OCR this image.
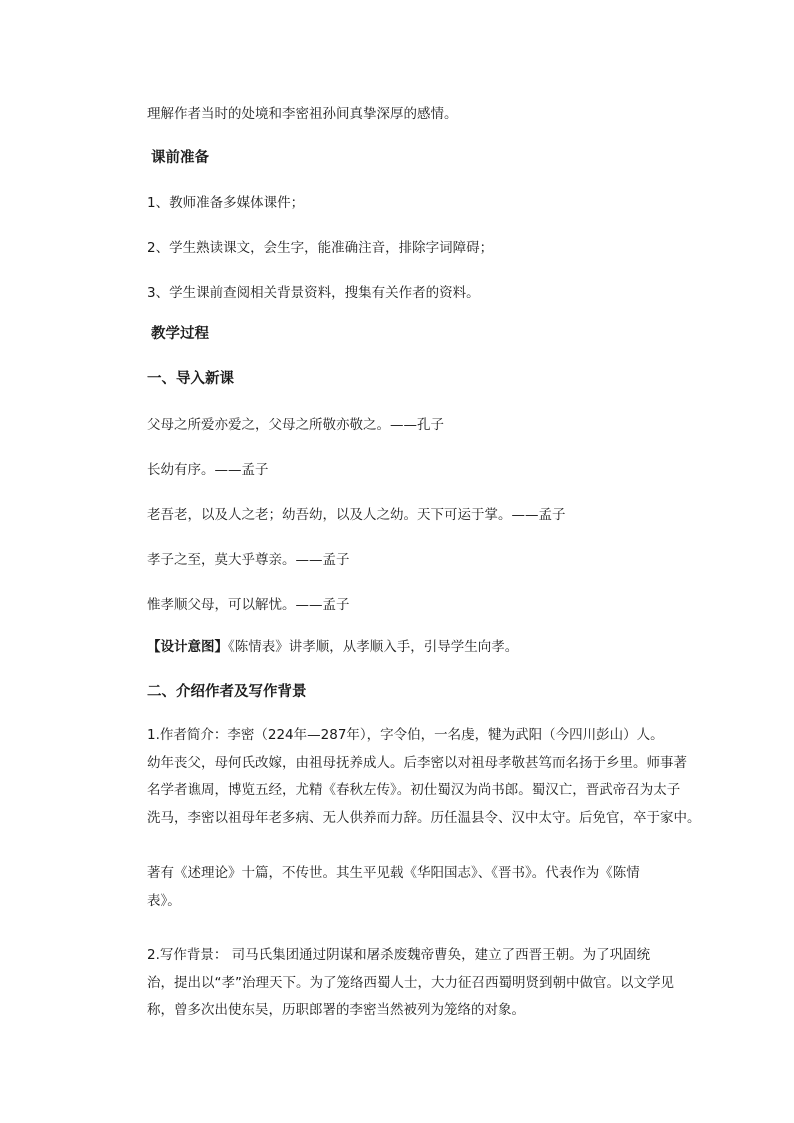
理解作者当时的处境和李密祖孙间真挚深厚的感情。

课前准备

1、教师准备多媒体课件；

2、学生熟读课文，会生字，能准确注音，排除字词障碍；

3、学生课前查阅相关背景资料，搜集有关作者的资料。

教学过程

一、导入新课

父母之所爱亦爱之，父母之所敬亦敬之。——孔子

长幼有序。——孟子

老吾老，以及人之老；幼吾幼，以及人之幼。天下可运于掌。——孟子

孝子之至，莫大乎尊亲。——孟子

惟孝顺父母，可以解忧。——孟子

【设计意图】《陈情表》讲孝顺，从孝顺入手，引导学生向孝。

二、介绍作者及写作背景

1.作者简介：李密（224年—287年），字令伯，一名虔，犍为武阳（今四川彭山）人。
幼年丧父，母何氏改嫁，由祖母抚养成人。后李密以对祖母孝敬甚笃而名扬于乡里。师事著
名学者谯周，博览五经，尤精《春秋左传》。初仕蜀汉为尚书郎。蜀汉亡，晋武帝召为太子
洗马，李密以祖母年老多病、无人供养而力辞。历任温县令、汉中太守。后免官，卒于家中。

著有《述理论》十篇，不传世。其生平见载《华阳国志》、《晋书》。代表作为《陈情
表》。

2.写作背景： 司马氏集团通过阴谋和屠杀废魏帝曹奂，建立了西晋王朝。为了巩固统
治，提出以“孝”治理天下。为了笼络西蜀人士，大力征召西蜀明贤到朝中做官。以文学见
称，曾多次出使东吴，历职郎署的李密当然被列为笼络的对象。
